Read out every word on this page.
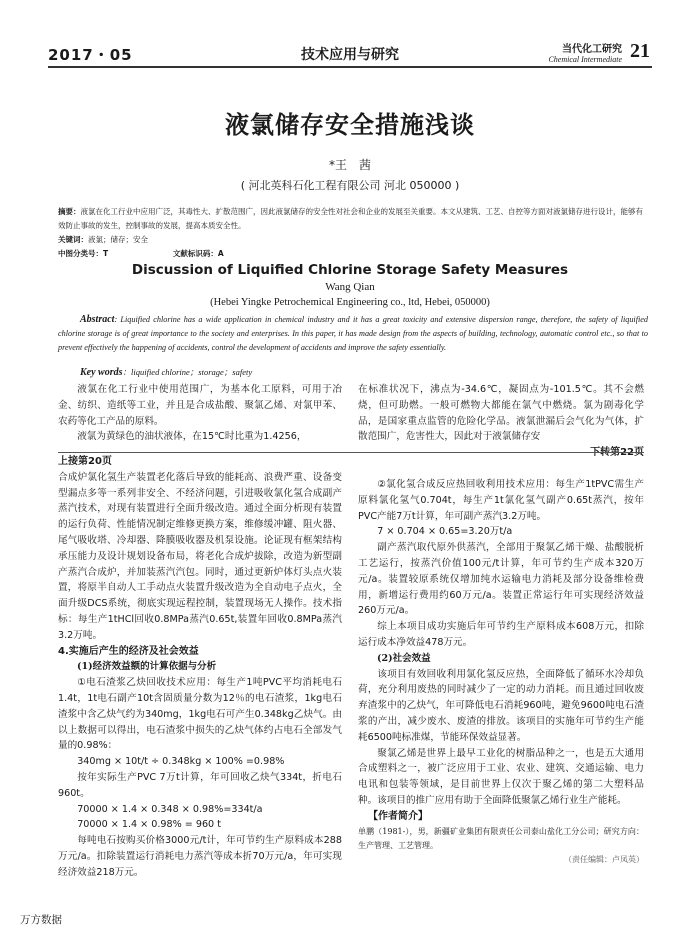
2017・05	技术应用与研究	当代化工研究
Chemical Intermediate 21
液氯储存安全措施浅谈
*王　茜
( 河北英科石化工程有限公司 河北 050000 )
摘要：液氯在化工行业中应用广泛，其毒性大、扩散范围广，因此液氯储存的安全性对社会和企业的发展至关重要。本文从建筑、工艺、自控等方面对液氯储存进行设计，能够有效防止事故的发生，控制事故的发展，提高本质安全性。
关键词：液氯；储存；安全
中图分类号：T	文献标识码：A
Discussion of Liquified Chlorine Storage Safety Measures
Wang Qian
(Hebei Yingke Petrochemical Engineering co., ltd, Hebei, 050000)
Abstract: Liquified chlorine has a wide application in chemical industry and it has a great toxicity and extensive dispersion range, therefore, the safety of liquified chlorine storage is of great importance to the society and enterprises. In this paper, it has made design from the aspects of building, technology, automatic control etc., so that to prevent effectively the happening of accidents, control the development of accidents and improve the safety essentially.
Key words：liquified chlorine；storage；safety

液氯在化工行业中使用范围广，为基本化工原料，可用于冶金、纺织、造纸等工业，并且是合成盐酸、聚氯乙烯、对氯甲苯、农药等化工产品的原料。

液氯为黄绿色的油状液体，在15℃时比重为1.4256，

在标准状况下，沸点为-34.6℃，凝固点为-101.5℃。其不会燃烧，但可助燃。一般可燃物大都能在氯气中燃烧。氯为剧毒化学品，是国家重点监管的危险化学品。液氯泄漏后会气化为气体，扩散范围广，危害性大，因此对于液氯储存安

上接第20页

合成炉氯化氢生产装置老化落后导致的能耗高、浪费严重、设备变型漏点多等一系列非安全、不经济问题，引进吸收氯化氢合成副产蒸汽技术，对现有装置进行全面升级改造。通过全面分析现有装置的运行负荷、性能情况制定维修更换方案，维修缓冲罐、阻火器、尾气吸收塔、冷却器、降膜吸收器及机泵设施。论证现有框架结构承压能力及设计规划设备布局，将老化合成炉拔除，改造为新型副产蒸汽合成炉，并加装蒸汽汽包。同时，通过更新炉体灯头点火装置，将原半自动人工手动点火装置升级改造为全自动电子点火，全面升级DCS系统，彻底实现远程控制，装置现场无人操作。技术指标：每生产1tHCl回收0.8MPa蒸汽0.65t,装置年回收0.8MPa蒸汽3.2万吨。

4.实施后产生的经济及社会效益

(1)经济效益额的计算依据与分析

①电石渣浆乙炔回收技术应用：每生产1吨PVC平均消耗电石1.4t，1t电石副产10t含固质量分数为12％的电石渣浆，1kg电石渣浆中含乙炔气约为340mg，1kg电石可产生0.348kg乙炔气。由以上数据可以得出，电石渣浆中损失的乙炔气体约占电石全部发气量的0.98%：

340mg × 10t/t ÷ 0.348kg × 100% =0.98%

按年实际生产PVC 7万t计算，年可回收乙炔气334t，折电石960t。

70000 × 1.4 × 0.348 × 0.98%=334t/a

70000 × 1.4 × 0.98% = 960 t

每吨电石按购买价格3000元/t计，年可节约生产原料成本288万元/a。扣除装置运行消耗电力蒸汽等成本折70万元/a，年可实现经济效益218万元。

②氯化氢合成反应热回收利用技术应用：每生产1tPVC需生产原料氯化氢气0.704t，每生产1t氯化氢气副产0.65t蒸汽，按年PVC产能7万t计算，年可副产蒸汽3.2万吨。

7 × 0.704 × 0.65=3.20万t/a

副产蒸汽取代原外供蒸汽，全部用于聚氯乙烯干燥、盐酸脱析工艺运行，按蒸汽价值100元/t计算，年可节约生产成本320万元/a。装置较原系统仅增加纯水运输电力消耗及部分设备维检费用，新增运行费用约60万元/a。装置正常运行年可实现经济效益260万元/a。

综上本项目成功实施后年可节约生产原料成本608万元，扣除运行成本净效益478万元。

(2)社会效益

该项目有效回收利用氯化氢反应热，全面降低了循环水冷却负荷，充分利用废热的同时减少了一定的动力消耗。而且通过回收废弃渣浆中的乙炔气，年可降低电石消耗960吨，避免9600吨电石渣浆的产出，减少废水、废渣的排放。该项目的实施年可节约生产能耗6500吨标准煤，节能环保效益显著。

聚氯乙烯是世界上最早工业化的树脂品种之一，也是五大通用合成塑料之一，被广泛应用于工业、农业、建筑、交通运输、电力电讯和包装等领域，是目前世界上仅次于聚乙烯的第二大塑料品种。该项目的推广应用有助于全面降低聚氯乙烯行业生产能耗。

【作者简介】

单鹏（1981-），男，新疆矿业集团有限责任公司泰山盐化工分公司；研究方向：生产管理、工艺管理。

（责任编辑：卢凤英）

万方数据
